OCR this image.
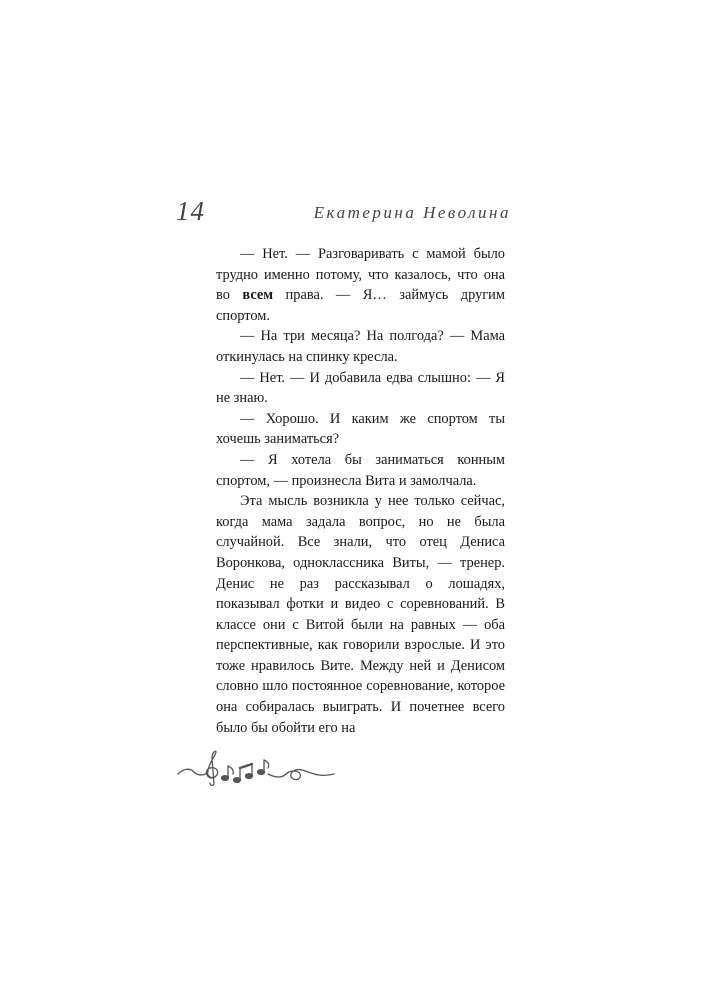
14	Екатерина Неволина

— Нет. — Разговаривать с мамой было трудно именно потому, что казалось, что она во всем права. — Я… займусь другим спортом.

— На три месяца? На полгода? — Мама откинулась на спинку кресла.

— Нет. — И добавила едва слышно: — Я не знаю.

— Хорошо. И каким же спортом ты хочешь заниматься?

— Я хотела бы заниматься конным спортом, — произнесла Вита и замолчала.

Эта мысль возникла у нее только сейчас, когда мама задала вопрос, но не была случайной. Все знали, что отец Дениса Воронкова, одноклассника Виты, — тренер. Денис не раз рассказывал о лошадях, показывал фотки и видео с соревнований. В классе они с Витой были на равных — оба перспективные, как говорили взрослые. И это тоже нравилось Вите. Между ней и Денисом словно шло постоянное соревнование, которое она собиралась выиграть. И почетнее всего было бы обойти его на
